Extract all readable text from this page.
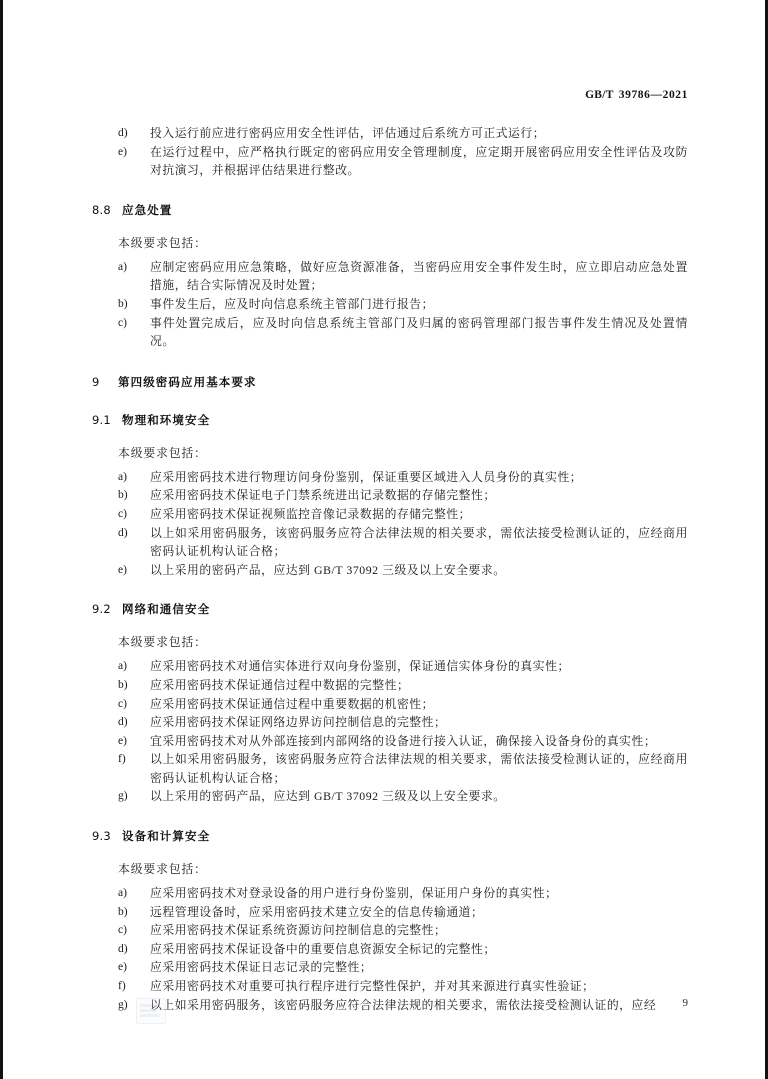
GB/T 39786—2021
d)	投入运行前应进行密码应用安全性评估，评估通过后系统方可正式运行；
e)	在运行过程中，应严格执行既定的密码应用安全管理制度，应定期开展密码应用安全性评估及攻防对抗演习，并根据评估结果进行整改。
8.8 应急处置
本级要求包括：
a)	应制定密码应用应急策略，做好应急资源准备，当密码应用安全事件发生时，应立即启动应急处置措施，结合实际情况及时处置；
b)	事件发生后，应及时向信息系统主管部门进行报告；
c)	事件处置完成后，应及时向信息系统主管部门及归属的密码管理部门报告事件发生情况及处置情况。
9 第四级密码应用基本要求
9.1 物理和环境安全
本级要求包括：
a)	应采用密码技术进行物理访问身份鉴别，保证重要区域进入人员身份的真实性；
b)	应采用密码技术保证电子门禁系统进出记录数据的存储完整性；
c)	应采用密码技术保证视频监控音像记录数据的存储完整性；
d)	以上如采用密码服务，该密码服务应符合法律法规的相关要求，需依法接受检测认证的，应经商用密码认证机构认证合格；
e)	以上采用的密码产品，应达到 GB/T 37092 三级及以上安全要求。
9.2 网络和通信安全
本级要求包括：
a)	应采用密码技术对通信实体进行双向身份鉴别，保证通信实体身份的真实性；
b)	应采用密码技术保证通信过程中数据的完整性；
c)	应采用密码技术保证通信过程中重要数据的机密性；
d)	应采用密码技术保证网络边界访问控制信息的完整性；
e)	宜采用密码技术对从外部连接到内部网络的设备进行接入认证，确保接入设备身份的真实性；
f)	以上如采用密码服务，该密码服务应符合法律法规的相关要求，需依法接受检测认证的，应经商用密码认证机构认证合格；
g)	以上采用的密码产品，应达到 GB/T 37092 三级及以上安全要求。
9.3 设备和计算安全
本级要求包括：
a)	应采用密码技术对登录设备的用户进行身份鉴别，保证用户身份的真实性；
b)	远程管理设备时，应采用密码技术建立安全的信息传输通道；
c)	应采用密码技术保证系统资源访问控制信息的完整性；
d)	应采用密码技术保证设备中的重要信息资源安全标记的完整性；
e)	应采用密码技术保证日志记录的完整性；
f)	应采用密码技术对重要可执行程序进行完整性保护，并对其来源进行真实性验证；
g)	以上如采用密码服务，该密码服务应符合法律法规的相关要求，需依法接受检测认证的，应经	9
